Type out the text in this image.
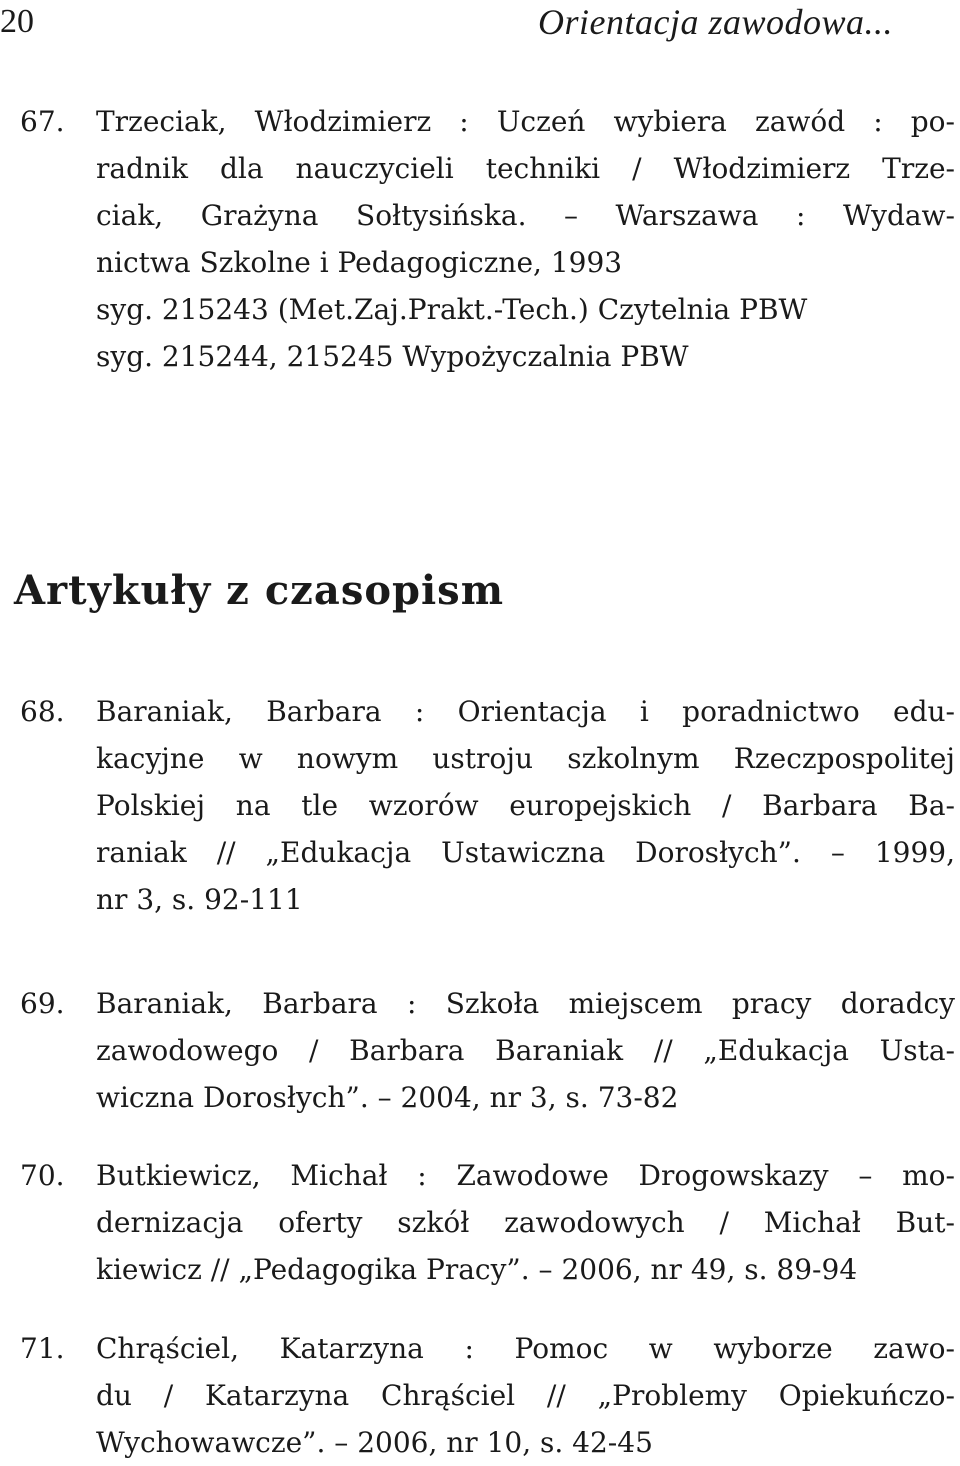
20	Orientacja zawodowa...
67.	Trzeciak, Włodzimierz : Uczeń wybiera zawód : po-
radnik dla nauczycieli techniki / Włodzimierz Trze-
ciak, Grażyna Sołtysińska. – Warszawa : Wydaw-
nictwa Szkolne i Pedagogiczne, 1993
syg. 215243 (Met.Zaj.Prakt.-Tech.) Czytelnia PBW
syg. 215244, 215245 Wypożyczalnia PBW
Artykuły z czasopism
68.	Baraniak, Barbara : Orientacja i poradnictwo edu-
kacyjne w nowym ustroju szkolnym Rzeczpospolitej
Polskiej na tle wzorów europejskich / Barbara Ba-
raniak // „Edukacja Ustawiczna Dorosłych”. – 1999,
nr 3, s. 92-111
69.	Baraniak, Barbara : Szkoła miejscem pracy doradcy
zawodowego / Barbara Baraniak // „Edukacja Usta-
wiczna Dorosłych”. – 2004, nr 3, s. 73-82
70.	Butkiewicz, Michał : Zawodowe Drogowskazy – mo-
dernizacja oferty szkół zawodowych / Michał But-
kiewicz // „Pedagogika Pracy”. – 2006, nr 49, s. 89-94
71.	Chrąściel, Katarzyna : Pomoc w wyborze zawo-
du / Katarzyna Chrąściel // „Problemy Opiekuńczo-
Wychowawcze”. – 2006, nr 10, s. 42-45
